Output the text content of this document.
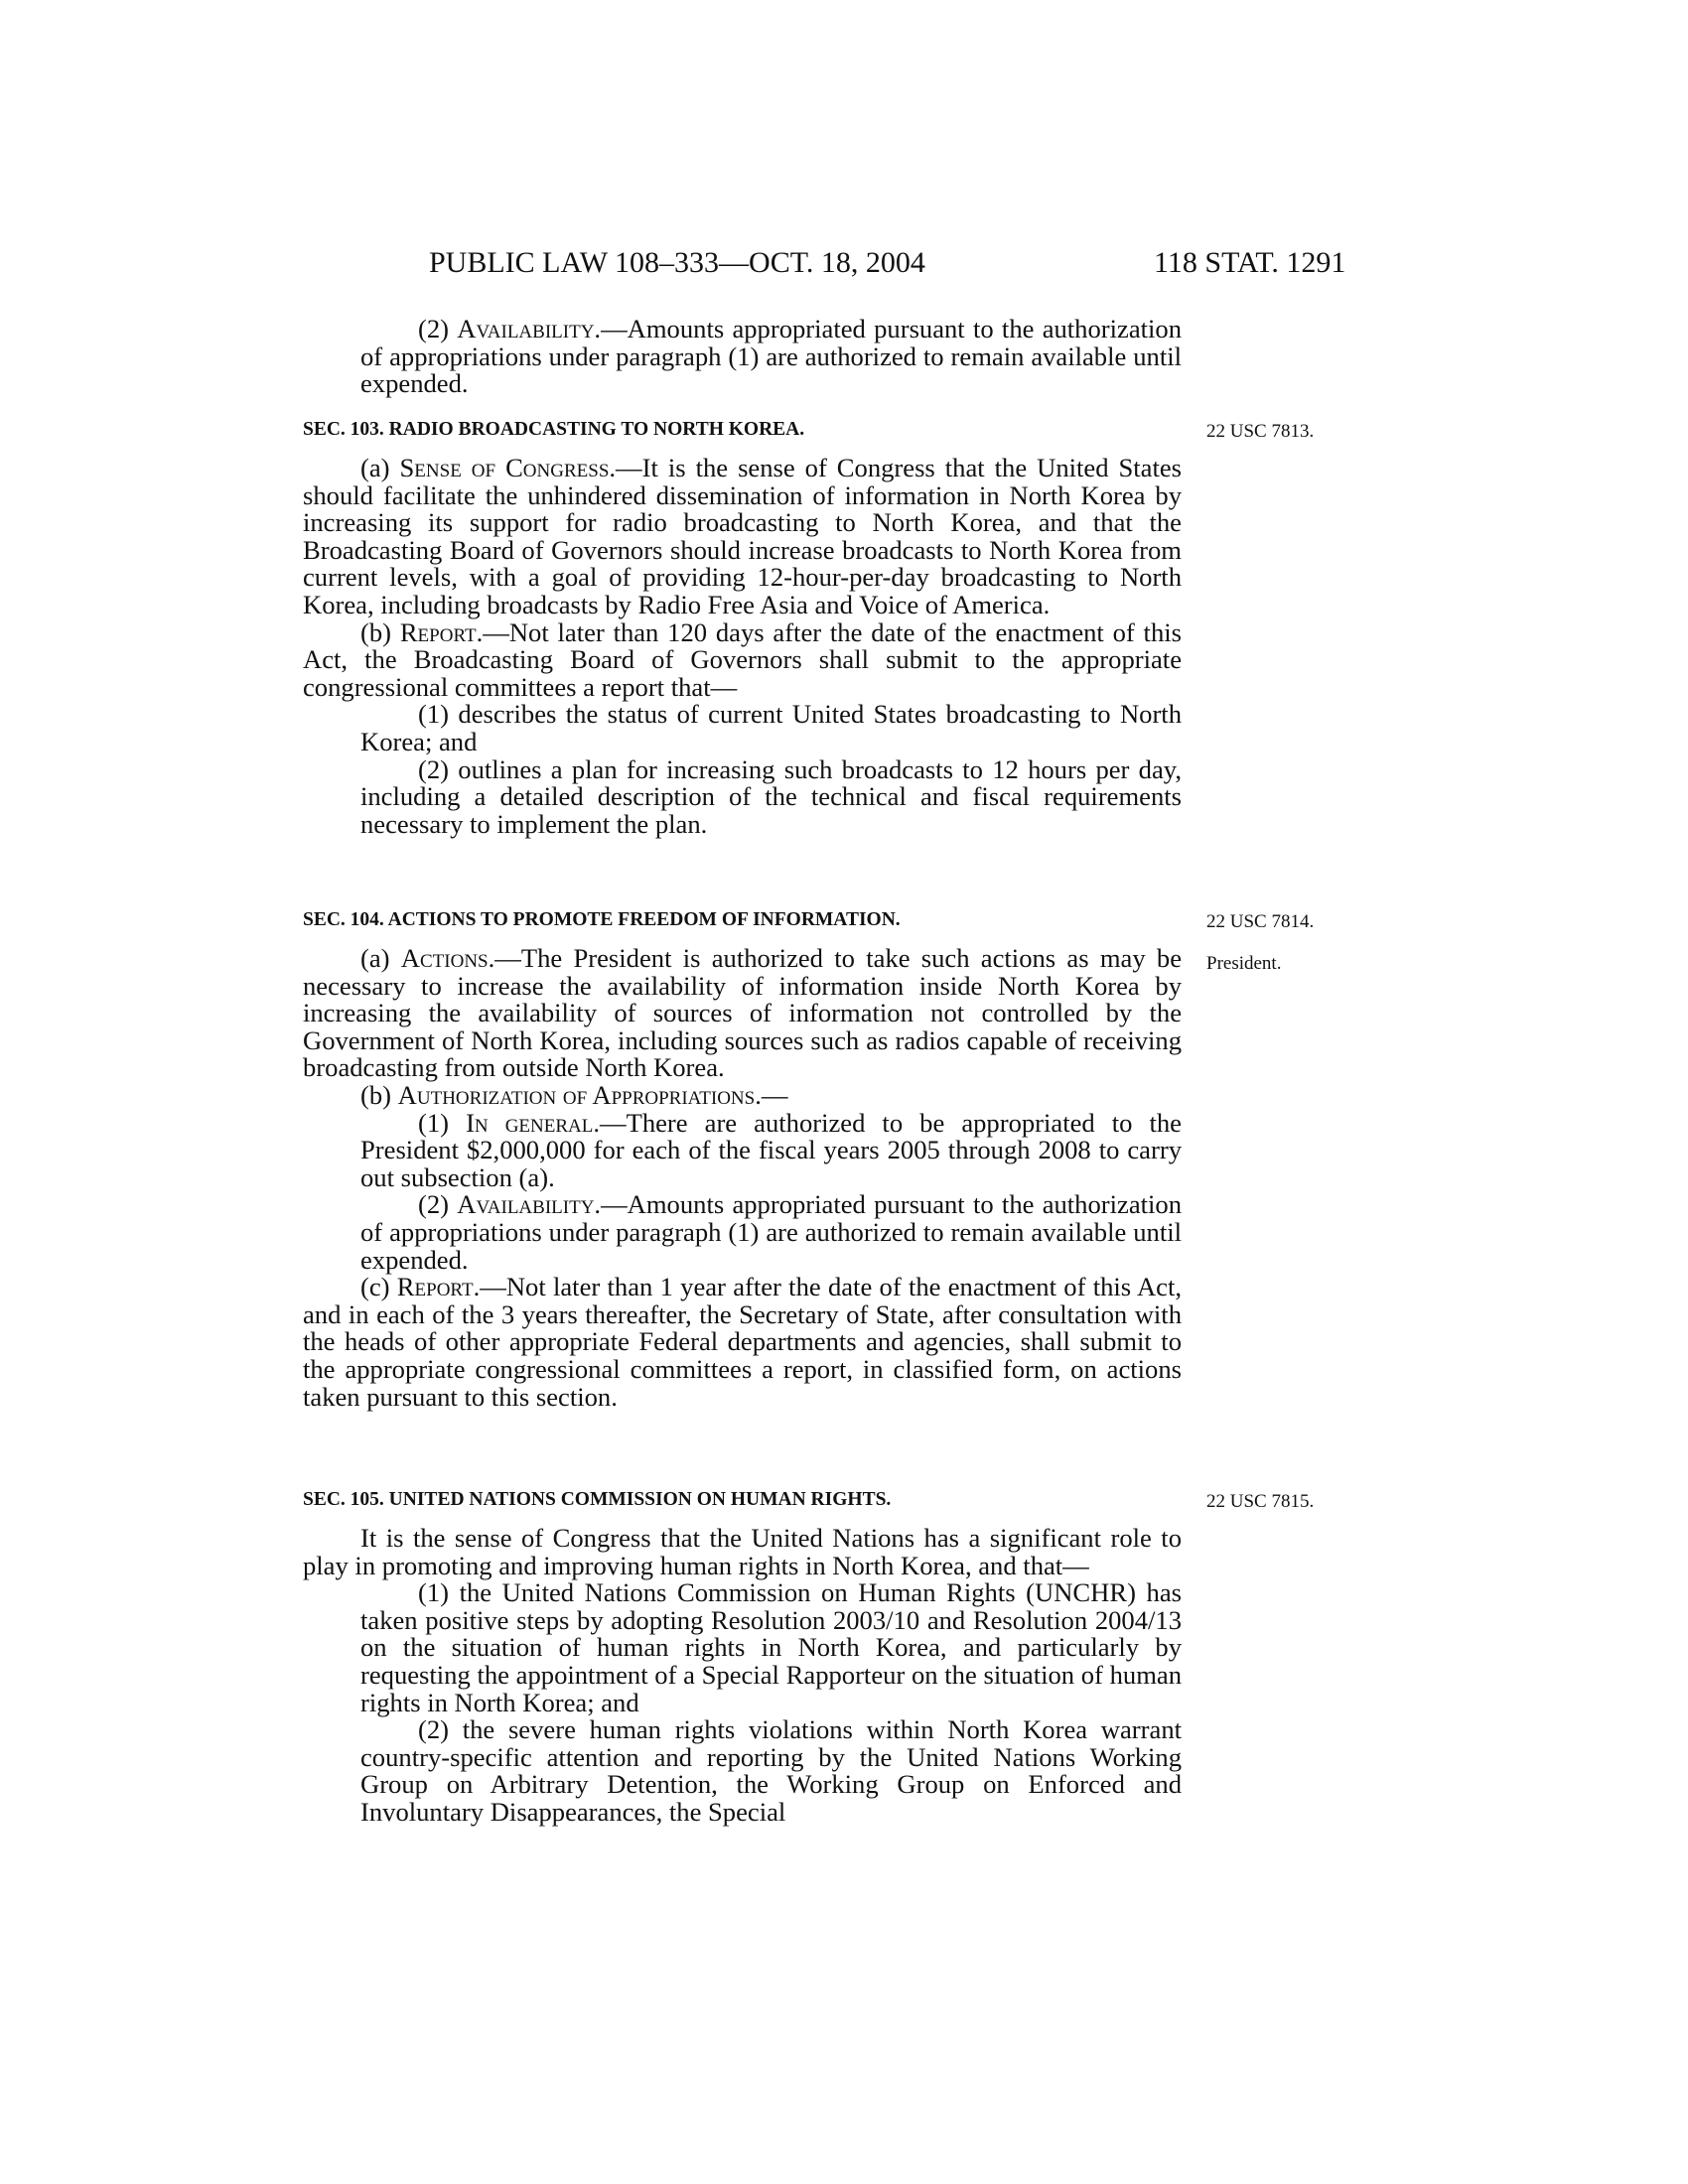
PUBLIC LAW 108–333—OCT. 18, 2004	118 STAT. 1291

(2) Availability.—Amounts appropriated pursuant to the authorization of appropriations under paragraph (1) are authorized to remain available until expended.

SEC. 103. RADIO BROADCASTING TO NORTH KOREA.	22 USC 7813.

(a) Sense of Congress.—It is the sense of Congress that the United States should facilitate the unhindered dissemination of information in North Korea by increasing its support for radio broadcasting to North Korea, and that the Broadcasting Board of Governors should increase broadcasts to North Korea from current levels, with a goal of providing 12-hour-per-day broadcasting to North Korea, including broadcasts by Radio Free Asia and Voice of America.

(b) Report.—Not later than 120 days after the date of the enactment of this Act, the Broadcasting Board of Governors shall submit to the appropriate congressional committees a report that—

(1) describes the status of current United States broadcasting to North Korea; and

(2) outlines a plan for increasing such broadcasts to 12 hours per day, including a detailed description of the technical and fiscal requirements necessary to implement the plan.

SEC. 104. ACTIONS TO PROMOTE FREEDOM OF INFORMATION.	22 USC 7814.
President.

(a) Actions.—The President is authorized to take such actions as may be necessary to increase the availability of information inside North Korea by increasing the availability of sources of information not controlled by the Government of North Korea, including sources such as radios capable of receiving broadcasting from outside North Korea.

(b) Authorization of Appropriations.—

(1) In general.—There are authorized to be appropriated to the President $2,000,000 for each of the fiscal years 2005 through 2008 to carry out subsection (a).

(2) Availability.—Amounts appropriated pursuant to the authorization of appropriations under paragraph (1) are authorized to remain available until expended.

(c) Report.—Not later than 1 year after the date of the enactment of this Act, and in each of the 3 years thereafter, the Secretary of State, after consultation with the heads of other appropriate Federal departments and agencies, shall submit to the appropriate congressional committees a report, in classified form, on actions taken pursuant to this section.

SEC. 105. UNITED NATIONS COMMISSION ON HUMAN RIGHTS.	22 USC 7815.

It is the sense of Congress that the United Nations has a significant role to play in promoting and improving human rights in North Korea, and that—

(1) the United Nations Commission on Human Rights (UNCHR) has taken positive steps by adopting Resolution 2003/10 and Resolution 2004/13 on the situation of human rights in North Korea, and particularly by requesting the appointment of a Special Rapporteur on the situation of human rights in North Korea; and

(2) the severe human rights violations within North Korea warrant country-specific attention and reporting by the United Nations Working Group on Arbitrary Detention, the Working Group on Enforced and Involuntary Disappearances, the Special
